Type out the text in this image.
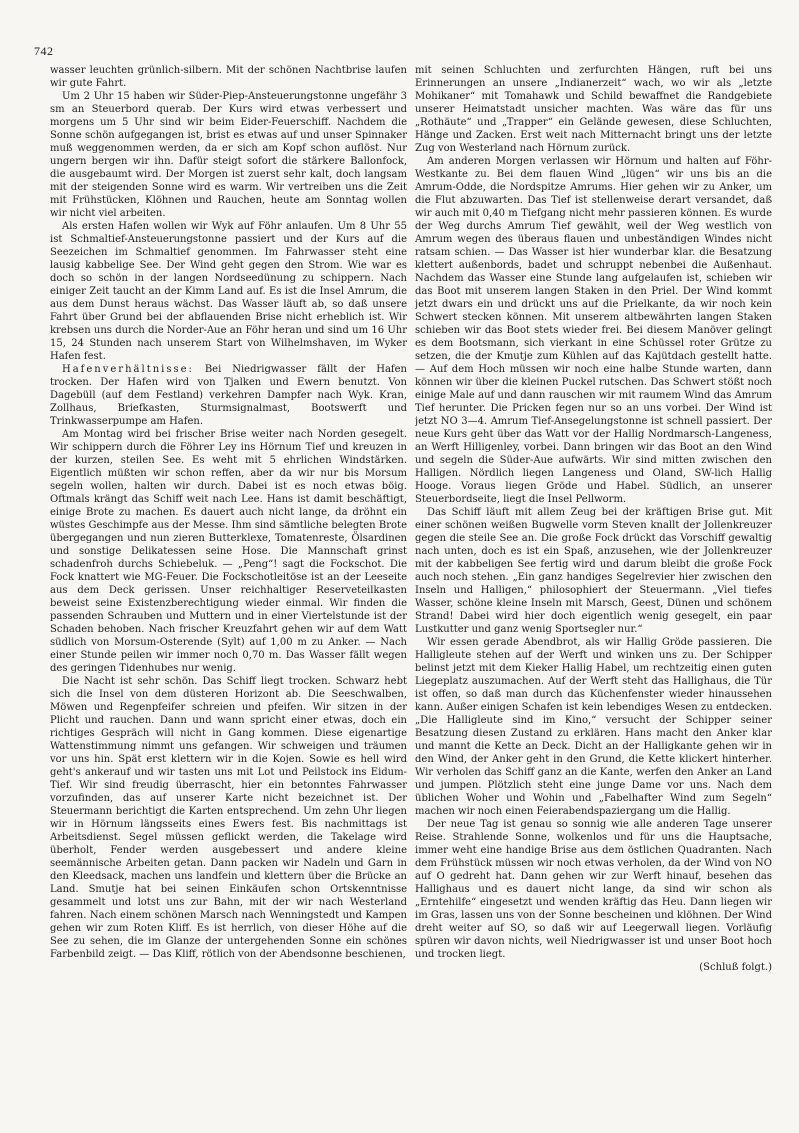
742

wasser leuchten grünlich-silbern. Mit der schönen Nachtbrise laufen wir gute Fahrt.

Um 2 Uhr 15 haben wir Süder-Piep-Ansteuerungstonne ungefähr 3 sm an Steuerbord querab. Der Kurs wird etwas verbessert und morgens um 5 Uhr sind wir beim Eider-Feuerschiff. Nachdem die Sonne schön aufgegangen ist, brist es etwas auf und unser Spinnaker muß weggenommen werden, da er sich am Kopf schon auflöst. Nur ungern bergen wir ihn. Dafür steigt sofort die stärkere Ballonfock, die ausgebaumt wird. Der Morgen ist zuerst sehr kalt, doch langsam mit der steigenden Sonne wird es warm. Wir vertreiben uns die Zeit mit Frühstücken, Klöhnen und Rauchen, heute am Sonntag wollen wir nicht viel arbeiten.

Als ersten Hafen wollen wir Wyk auf Föhr anlaufen. Um 8 Uhr 55 ist Schmaltief-Ansteuerungstonne passiert und der Kurs auf die Seezeichen im Schmaltief genommen. Im Fahrwasser steht eine lausig kabbelige See. Der Wind geht gegen den Strom. Wie war es doch so schön in der langen Nordseedünung zu schippern. Nach einiger Zeit taucht an der Kimm Land auf. Es ist die Insel Amrum, die aus dem Dunst heraus wächst. Das Wasser läuft ab, so daß unsere Fahrt über Grund bei der abflauenden Brise nicht erheblich ist. Wir krebsen uns durch die Norder-Aue an Föhr heran und sind um 16 Uhr 15, 24 Stunden nach unserem Start von Wilhelmshaven, im Wyker Hafen fest.

Hafenverhältnisse: Bei Niedrigwasser fällt der Hafen trocken. Der Hafen wird von Tjalken und Ewern benutzt. Von Dagebüll (auf dem Festland) verkehren Dampfer nach Wyk. Kran, Zollhaus, Briefkasten, Sturmsignalmast, Bootswerft und Trinkwasserpumpe am Hafen.

Am Montag wird bei frischer Brise weiter nach Norden gesegelt. Wir schippern durch die Föhrer Ley ins Hörnum Tief und kreuzen in der kurzen, steilen See. Es weht mit 5 ehrlichen Windstärken. Eigentlich müßten wir schon reffen, aber da wir nur bis Morsum segeln wollen, halten wir durch. Dabei ist es noch etwas böig. Oftmals krängt das Schiff weit nach Lee. Hans ist damit beschäftigt, einige Brote zu machen. Es dauert auch nicht lange, da dröhnt ein wüstes Geschimpfe aus der Messe. Ihm sind sämtliche belegten Brote übergegangen und nun zieren Butterklexe, Tomatenreste, Ölsardinen und sonstige Delikatessen seine Hose. Die Mannschaft grinst schadenfroh durchs Schiebeluk. — „Peng“! sagt die Fockschot. Die Fock knattert wie MG-Feuer. Die Fockschotleitöse ist an der Leeseite aus dem Deck gerissen. Unser reichhaltiger Reserveteilkasten beweist seine Existenzberechtigung wieder einmal. Wir finden die passenden Schrauben und Muttern und in einer Viertelstunde ist der Schaden behoben. Nach frischer Kreuzfahrt gehen wir auf dem Watt südlich von Morsum-Osterende (Sylt) auf 1,00 m zu Anker. — Nach einer Stunde peilen wir immer noch 0,70 m. Das Wasser fällt wegen des geringen Tidenhubes nur wenig.

Die Nacht ist sehr schön. Das Schiff liegt trocken. Schwarz hebt sich die Insel von dem düsteren Horizont ab. Die Seeschwalben, Möwen und Regenpfeifer schreien und pfeifen. Wir sitzen in der Plicht und rauchen. Dann und wann spricht einer etwas, doch ein richtiges Gespräch will nicht in Gang kommen. Diese eigenartige Wattenstimmung nimmt uns gefangen. Wir schweigen und träumen vor uns hin. Spät erst klettern wir in die Kojen. Sowie es hell wird geht's ankerauf und wir tasten uns mit Lot und Peilstock ins Eidum-Tief. Wir sind freudig überrascht, hier ein betonntes Fahrwasser vorzufinden, das auf unserer Karte nicht bezeichnet ist. Der Steuermann berichtigt die Karten entsprechend. Um zehn Uhr liegen wir in Hörnum längsseits eines Ewers fest. Bis nachmittags ist Arbeitsdienst. Segel müssen geflickt werden, die Takelage wird überholt, Fender werden ausgebessert und andere kleine seemännische Arbeiten getan. Dann packen wir Nadeln und Garn in den Kleedsack, machen uns landfein und klettern über die Brücke an Land. Smutje hat bei seinen Einkäufen schon Ortskenntnisse gesammelt und lotst uns zur Bahn, mit der wir nach Westerland fahren. Nach einem schönen Marsch nach Wenningstedt und Kampen gehen wir zum Roten Kliff. Es ist herrlich, von dieser Höhe auf die See zu sehen, die im Glanze der untergehenden Sonne ein schönes Farbenbild zeigt. — Das Kliff, rötlich von der Abendsonne beschienen,

mit seinen Schluchten und zerfurchten Hängen, ruft bei uns Erinnerungen an unsere „Indianerzeit“ wach, wo wir als „letzte Mohikaner“ mit Tomahawk und Schild bewaffnet die Randgebiete unserer Heimatstadt unsicher machten. Was wäre das für uns „Rothäute“ und „Trapper“ ein Gelände gewesen, diese Schluchten, Hänge und Zacken. Erst weit nach Mitternacht bringt uns der letzte Zug von Westerland nach Hörnum zurück.

Am anderen Morgen verlassen wir Hörnum und halten auf Föhr-Westkante zu. Bei dem flauen Wind „lügen“ wir uns bis an die Amrum-Odde, die Nordspitze Amrums. Hier gehen wir zu Anker, um die Flut abzuwarten. Das Tief ist stellenweise derart versandet, daß wir auch mit 0,40 m Tiefgang nicht mehr passieren können. Es wurde der Weg durchs Amrum Tief gewählt, weil der Weg westlich von Amrum wegen des überaus flauen und unbeständigen Windes nicht ratsam schien. — Das Wasser ist hier wunderbar klar. die Besatzung klettert außenbords, badet und schruppt nebenbei die Außenhaut. Nachdem das Wasser eine Stunde lang aufgelaufen ist, schieben wir das Boot mit unserem langen Staken in den Priel. Der Wind kommt jetzt dwars ein und drückt uns auf die Prielkante, da wir noch kein Schwert stecken können. Mit unserem altbewährten langen Staken schieben wir das Boot stets wieder frei. Bei diesem Manöver gelingt es dem Bootsmann, sich vierkant in eine Schüssel roter Grütze zu setzen, die der Kmutje zum Kühlen auf das Kajütdach gestellt hatte. — Auf dem Hoch müssen wir noch eine halbe Stunde warten, dann können wir über die kleinen Puckel rutschen. Das Schwert stößt noch einige Male auf und dann rauschen wir mit raumem Wind das Amrum Tief herunter. Die Pricken fegen nur so an uns vorbei. Der Wind ist jetzt NO 3—4. Amrum Tief-Ansegelungstonne ist schnell passiert. Der neue Kurs geht über das Watt vor der Hallig Nordmarsch-Langeness, an Werft Hilligenley, vorbei. Dann bringen wir das Boot an den Wind und segeln die Süder-Aue aufwärts. Wir sind mitten zwischen den Halligen. Nördlich liegen Langeness und Oland, SW-lich Hallig Hooge. Voraus liegen Gröde und Habel. Südlich, an unserer Steuerbordseite, liegt die Insel Pellworm.

Das Schiff läuft mit allem Zeug bei der kräftigen Brise gut. Mit einer schönen weißen Bugwelle vorm Steven knallt der Jollenkreuzer gegen die steile See an. Die große Fock drückt das Vorschiff gewaltig nach unten, doch es ist ein Spaß, anzusehen, wie der Jollenkreuzer mit der kabbeligen See fertig wird und darum bleibt die große Fock auch noch stehen. „Ein ganz handiges Segelrevier hier zwischen den Inseln und Halligen,“ philosophiert der Steuermann. „Viel tiefes Wasser, schöne kleine Inseln mit Marsch, Geest, Dünen und schönem Strand! Dabei wird hier doch eigentlich wenig gesegelt, ein paar Lustkutter und ganz wenig Sportsegler nur.“

Wir essen gerade Abendbrot, als wir Hallig Gröde passieren. Die Halligleute stehen auf der Werft und winken uns zu. Der Schipper belinst jetzt mit dem Kieker Hallig Habel, um rechtzeitig einen guten Liegeplatz auszumachen. Auf der Werft steht das Hallighaus, die Tür ist offen, so daß man durch das Küchenfenster wieder hinaussehen kann. Außer einigen Schafen ist kein lebendiges Wesen zu entdecken. „Die Halligleute sind im Kino,“ versucht der Schipper seiner Besatzung diesen Zustand zu erklären. Hans macht den Anker klar und mannt die Kette an Deck. Dicht an der Halligkante gehen wir in den Wind, der Anker geht in den Grund, die Kette klickert hinterher. Wir verholen das Schiff ganz an die Kante, werfen den Anker an Land und jumpen. Plötzlich steht eine junge Dame vor uns. Nach dem üblichen Woher und Wohin und „Fabelhafter Wind zum Segeln“ machen wir noch einen Feierabendspaziergang um die Hallig.

Der neue Tag ist genau so sonnig wie alle anderen Tage unserer Reise. Strahlende Sonne, wolkenlos und für uns die Hauptsache, immer weht eine handige Brise aus dem östlichen Quadranten. Nach dem Frühstück müssen wir noch etwas verholen, da der Wind von NO auf O gedreht hat. Dann gehen wir zur Werft hinauf, besehen das Hallighaus und es dauert nicht lange, da sind wir schon als „Erntehilfe“ eingesetzt und wenden kräftig das Heu. Dann liegen wir im Gras, lassen uns von der Sonne bescheinen und klöhnen. Der Wind dreht weiter auf SO, so daß wir auf Leegerwall liegen. Vorläufig spüren wir davon nichts, weil Niedrigwasser ist und unser Boot hoch und trocken liegt.

(Schluß folgt.)
